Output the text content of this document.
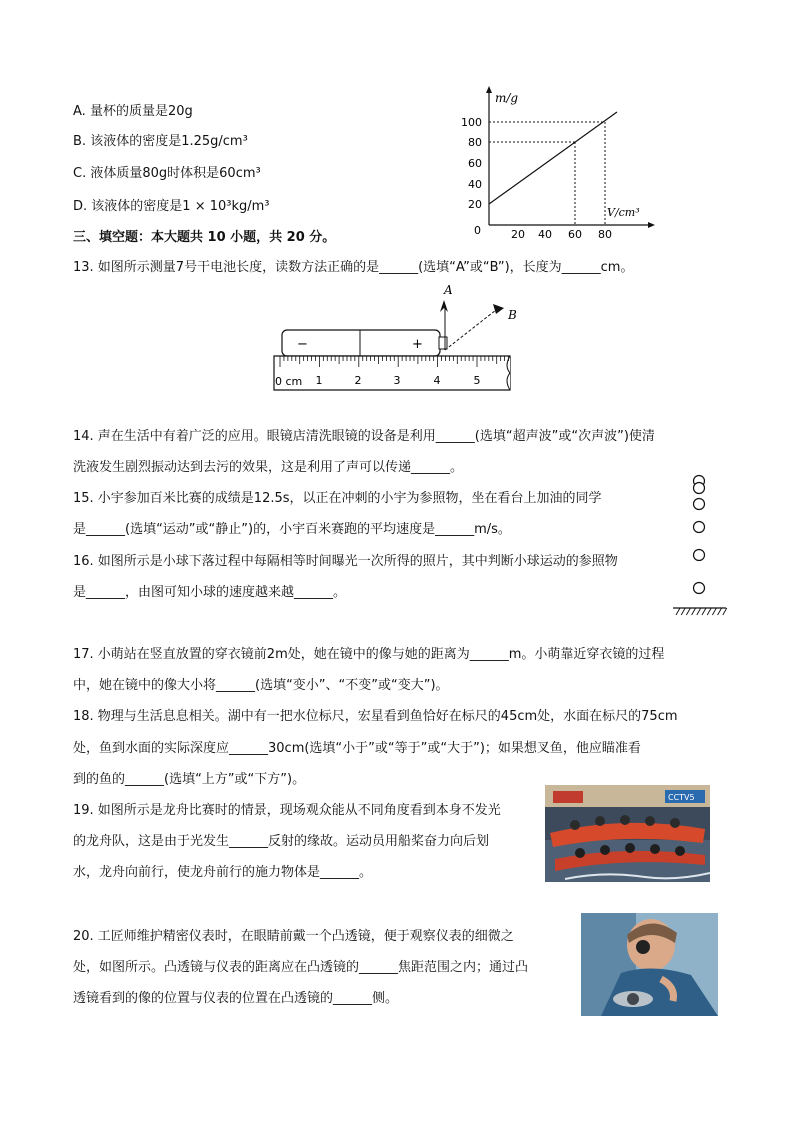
A. 量杯的质量是20g
B. 该液体的密度是1.25g/cm³
C. 液体质量80g时体积是60cm³
D. 该液体的密度是1 × 10³kg/m³
三、填空题：本大题共 10 小题，共 20 分。
m/g
V/cm³
100
80
60
40
20
0	20 40 60 80
13. 如图所示测量7号干电池长度，读数方法正确的是______(选填“A”或“B”)，长度为______cm。
−	+
0 cm 1	2	3	4	5
A
B
14. 声在生活中有着广泛的应用。眼镜店清洗眼镜的设备是利用______(选填“超声波”或“次声波”)使清
洗液发生剧烈振动达到去污的效果，这是利用了声可以传递______。
15. 小宇参加百米比赛的成绩是12.5s，以正在冲刺的小宇为参照物，坐在看台上加油的同学
是______(选填“运动”或“静止”)的，小宇百米赛跑的平均速度是______m/s。
16. 如图所示是小球下落过程中每隔相等时间曝光一次所得的照片，其中判断小球运动的参照物
是______，由图可知小球的速度越来越______。
17. 小萌站在竖直放置的穿衣镜前2m处，她在镜中的像与她的距离为______m。小萌靠近穿衣镜的过程
中，她在镜中的像大小将______(选填“变小”、“不变”或“变大”)。
18. 物理与生活息息相关。湖中有一把水位标尺，宏星看到鱼恰好在标尺的45cm处，水面在标尺的75cm
处，鱼到水面的实际深度应______30cm(选填“小于”或“等于”或“大于”)；如果想叉鱼，他应瞄准看
到的鱼的______(选填“上方”或“下方”)。
19. 如图所示是龙舟比赛时的情景，现场观众能从不同角度看到本身不发光
的龙舟队，这是由于光发生______反射的缘故。运动员用船桨奋力向后划
水，龙舟向前行，使龙舟前行的施力物体是______。
CCTV5
20. 工匠师维护精密仪表时，在眼睛前戴一个凸透镜，便于观察仪表的细微之
处，如图所示。凸透镜与仪表的距离应在凸透镜的______焦距范围之内；通过凸
透镜看到的像的位置与仪表的位置在凸透镜的______侧。
